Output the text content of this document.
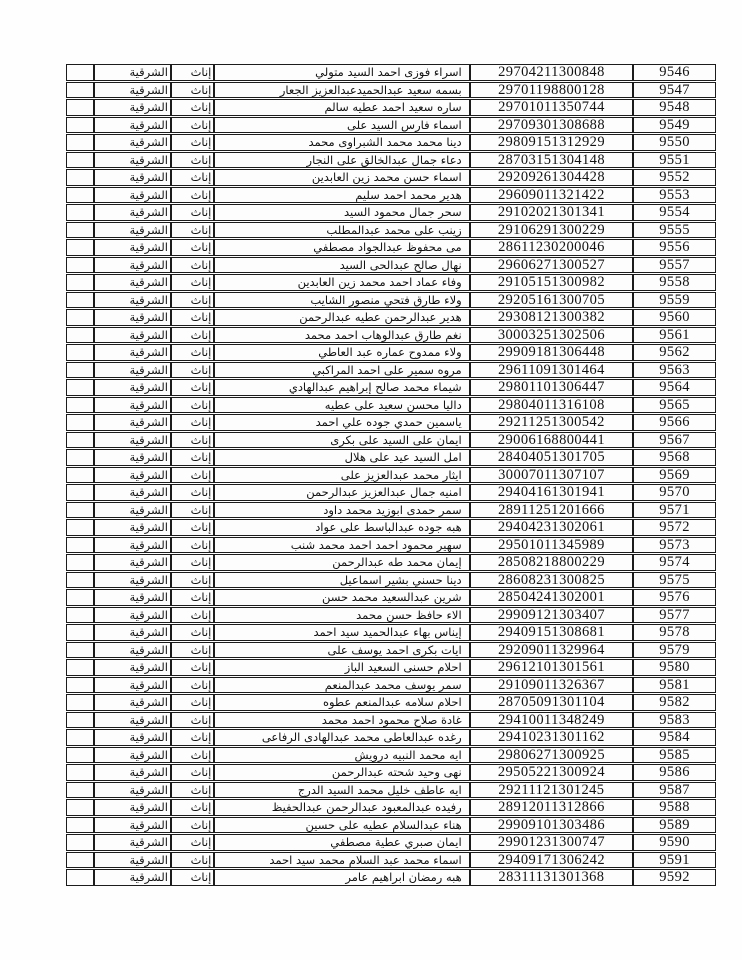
	الشرقية	إناث	اسراء فوزى احمد السيد متولي	29704211300848	9546
	الشرقية	إناث	بسمه سعيد عبدالحميدعبدالعزيز الجعار	29701198800128	9547
	الشرقية	إناث	ساره سعيد احمد عطيه سالم	29701011350744	9548
	الشرقية	إناث	اسماء فارس السيد على	29709301308688	9549
	الشرقية	إناث	دينا محمد محمد الشبراوى محمد	29809151312929	9550
	الشرقية	إناث	دعاء جمال عبدالخالق على النجار	28703151304148	9551
	الشرقية	إناث	اسماء حسن محمد زين العابدين	29209261304428	9552
	الشرقية	إناث	هدير محمد احمد سليم	29609011321422	9553
	الشرقية	إناث	سحر جمال محمود السيد	29102021301341	9554
	الشرقية	إناث	زينب على محمد عبدالمطلب	29106291300229	9555
	الشرقية	إناث	مى محفوظ عبدالجواد مصطفي	28611230200046	9556
	الشرقية	إناث	نهال صالح عبدالحى السيد	29606271300527	9557
	الشرقية	إناث	وفاء عماد احمد محمد زين العابدين	29105151300982	9558
	الشرقية	إناث	ولاء طارق فتحي منصور الشايب	29205161300705	9559
	الشرقية	إناث	هدير عبدالرحمن عطيه عبدالرحمن	29308121300382	9560
	الشرقية	إناث	نغم طارق عبدالوهاب احمد محمد	30003251302506	9561
	الشرقية	إناث	ولاء ممدوح عماره عبد العاطي	29909181306448	9562
	الشرقية	إناث	مروه سمير على احمد المراكبي	29611091301464	9563
	الشرقية	إناث	شيماء محمد صالح إبراهيم عبدالهادي	29801101306447	9564
	الشرقية	إناث	داليا محسن سعيد على عطيه	29804011316108	9565
	الشرقية	إناث	ياسمين حمدي جوده علي احمد	29211251300542	9566
	الشرقية	إناث	ايمان على السيد على بكرى	29006168800441	9567
	الشرقية	إناث	امل السيد عيد على هلال	28404051301705	9568
	الشرقية	إناث	ايثار محمد عبدالعزيز على	30007011307107	9569
	الشرقية	إناث	امنيه جمال عبدالعزيز عبدالرحمن	29404161301941	9570
	الشرقية	إناث	سمر حمدى ابوزيد محمد داود	28911251201666	9571
	الشرقية	إناث	هبه جوده عبدالباسط على عواد	29404231302061	9572
	الشرقية	إناث	سهير محمود احمد احمد محمد شنب	29501011345989	9573
	الشرقية	إناث	إيمان محمد طه عبدالرحمن	28508218800229	9574
	الشرقية	إناث	دينا حسني بشير اسماعيل	28608231300825	9575
	الشرقية	إناث	شرين عبدالسعيد محمد حسن	28504241302001	9576
	الشرقية	إناث	الاء حافظ حسن محمد	29909121303407	9577
	الشرقية	إناث	إيناس بهاء عبدالحميد سيد احمد	29409151308681	9578
	الشرقية	إناث	ايات بكرى احمد يوسف على	29209011329964	9579
	الشرقية	إناث	احلام حسنى السعيد الباز	29612101301561	9580
	الشرقية	إناث	سمر يوسف محمد عبدالمنعم	29109011326367	9581
	الشرقية	إناث	احلام سلامه عبدالمنعم عطوه	28705091301104	9582
	الشرقية	إناث	غادة صلاح محمود احمد محمد	29410011348249	9583
	الشرقية	إناث	رغده عبدالعاطى محمد عبدالهادى الرفاعى	29410231301162	9584
	الشرقية	إناث	ايه محمد النبيه درويش	29806271300925	9585
	الشرقية	إناث	نهى وحيد شحته عبدالرحمن	29505221300924	9586
	الشرقية	إناث	ايه عاطف خليل محمد السيد الدرج	29211121301245	9587
	الشرقية	إناث	رفيده عبدالمعبود عبدالرحمن عبدالحفيظ	28912011312866	9588
	الشرقية	إناث	هناء عبدالسلام عطيه على حسين	29909101303486	9589
	الشرقية	إناث	ايمان صبري عطية مصطفي	29901231300747	9590
	الشرقية	إناث	اسماء محمد عبد السلام محمد سيد احمد	29409171306242	9591
	الشرقية	إناث	هبه رمضان ابراهيم عامر	28311131301368	9592
